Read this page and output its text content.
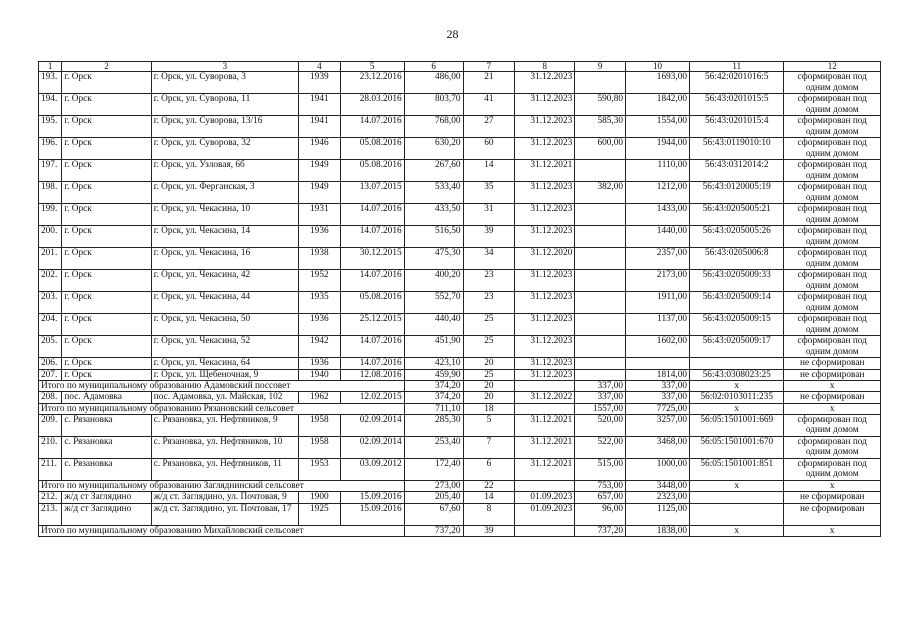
28
1	2	3	4	5	6	7	8	9	10	11	12
193.	г. Орск	г. Орск, ул. Суворова, 3	1939	23.12.2016	486,00	21	31.12.2023		1693,00	56:42:0201016:5	сформирован под одним домом
194.	г. Орск	г. Орск, ул. Суворова, 11	1941	28.03.2016	803,70	41	31.12.2023	590,80	1842,00	56:43:0201015:5	сформирован под одним домом
195.	г. Орск	г. Орск, ул. Суворова, 13/16	1941	14.07.2016	768,00	27	31.12.2023	585,30	1554,00	56:43:0201015:4	сформирован под одним домом
196.	г. Орск	г. Орск, ул. Суворова, 32	1946	05.08.2016	630,20	60	31.12.2023	600,00	1944,00	56:43:0119010:10	сформирован под одним домом
197.	г. Орск	г. Орск, ул. Узловая, 6б	1949	05.08.2016	267,60	14	31.12.2021		1110,00	56:43:0312014:2	сформирован под одним домом
198.	г. Орск	г. Орск, ул. Ферганская, 3	1949	13.07.2015	533,40	35	31.12.2023	382,00	1212,00	56:43:0120005:19	сформирован под одним домом
199.	г. Орск	г. Орск, ул. Чекасина, 10	1931	14.07.2016	433,50	31	31.12.2023		1433,00	56:43:0205005:21	сформирован под одним домом
200.	г. Орск	г. Орск, ул. Чекасина, 14	1936	14.07.2016	516,50	39	31.12.2023		1440,00	56:43:0205005:26	сформирован под одним домом
201.	г. Орск	г. Орск, ул. Чекасина, 16	1938	30.12.2015	475,30	34	31.12.2020		2357,00	56:43:0205006:8	сформирован под одним домом
202.	г. Орск	г. Орск, ул. Чекасина, 42	1952	14.07.2016	400,20	23	31.12.2023		2173,00	56:43:0205009:33	сформирован под одним домом
203.	г. Орск	г. Орск, ул. Чекасина, 44	1935	05.08.2016	552,70	23	31.12.2023		1911,00	56:43:0205009:14	сформирован под одним домом
204.	г. Орск	г. Орск, ул. Чекасина, 50	1936	25.12.2015	440,40	25	31.12.2023		1137,00	56:43:0205009:15	сформирован под одним домом
205.	г. Орск	г. Орск, ул. Чекасина, 52	1942	14.07.2016	451,90	25	31.12.2023		1602,00	56:43:0205009:17	сформирован под одним домом
206.	г. Орск	г. Орск, ул. Чекасина, 64	1936	14.07.2016	423,10	20	31.12.2023				не сформирован
207.	г. Орск	г. Орск, ул. Щебеночная, 9	1940	12.08.2016	459,90	25	31.12.2023		1814,00	56:43:0308023:25	не сформирован
Итого по муниципальному образованию Адамовский поссовет					374,20	20		337,00	337,00	х	х
208.	пос. Адамовка	пос. Адамовка, ул. Майская, 102	1962	12.02.2015	374,20	20	31.12.2022	337,00	337,00	56:02:0103011:235	не сформирован
Итого по муниципальному образованию Рязановский сельсовет					711,10	18		1557,00	7725,00	х	х
209.	с. Рязановка	с. Рязановка, ул. Нефтяников, 9	1958	02.09.2014	285,30	5	31.12.2021	520,00	3257,00	56:05:1501001:669	сформирован под одним домом
210.	с. Рязановка	с. Рязановка, ул. Нефтяников, 10	1958	02.09.2014	253,40	7	31.12.2021	522,00	3468,00	56:05:1501001:670	сформирован под одним домом
211.	с. Рязановка	с. Рязановка, ул. Нефтяников, 11	1953	03.09.2012	172,40	6	31.12.2021	515,00	1000,00	56:05:1501001:851	сформирован под одним домом
Итого по муниципальному образованию Загляднинский сельсовет					273,00	22		753,00	3448,00	х	х
212.	ж/д ст Заглядино	ж/д ст. Заглядино, ул. Почтовая, 9	1900	15.09.2016	205,40	14	01.09.2023	657,00	2323,00		не сформирован
213.	ж/д ст Заглядино	ж/д ст. Заглядино, ул. Почтовая, 17	1925	15.09.2016	67,60	8	01.09.2023	96,00	1125,00		не сформирован
Итого по муниципальному образованию Михайловский сельсовет					737,20	39		737,20	1838,00	х	х
